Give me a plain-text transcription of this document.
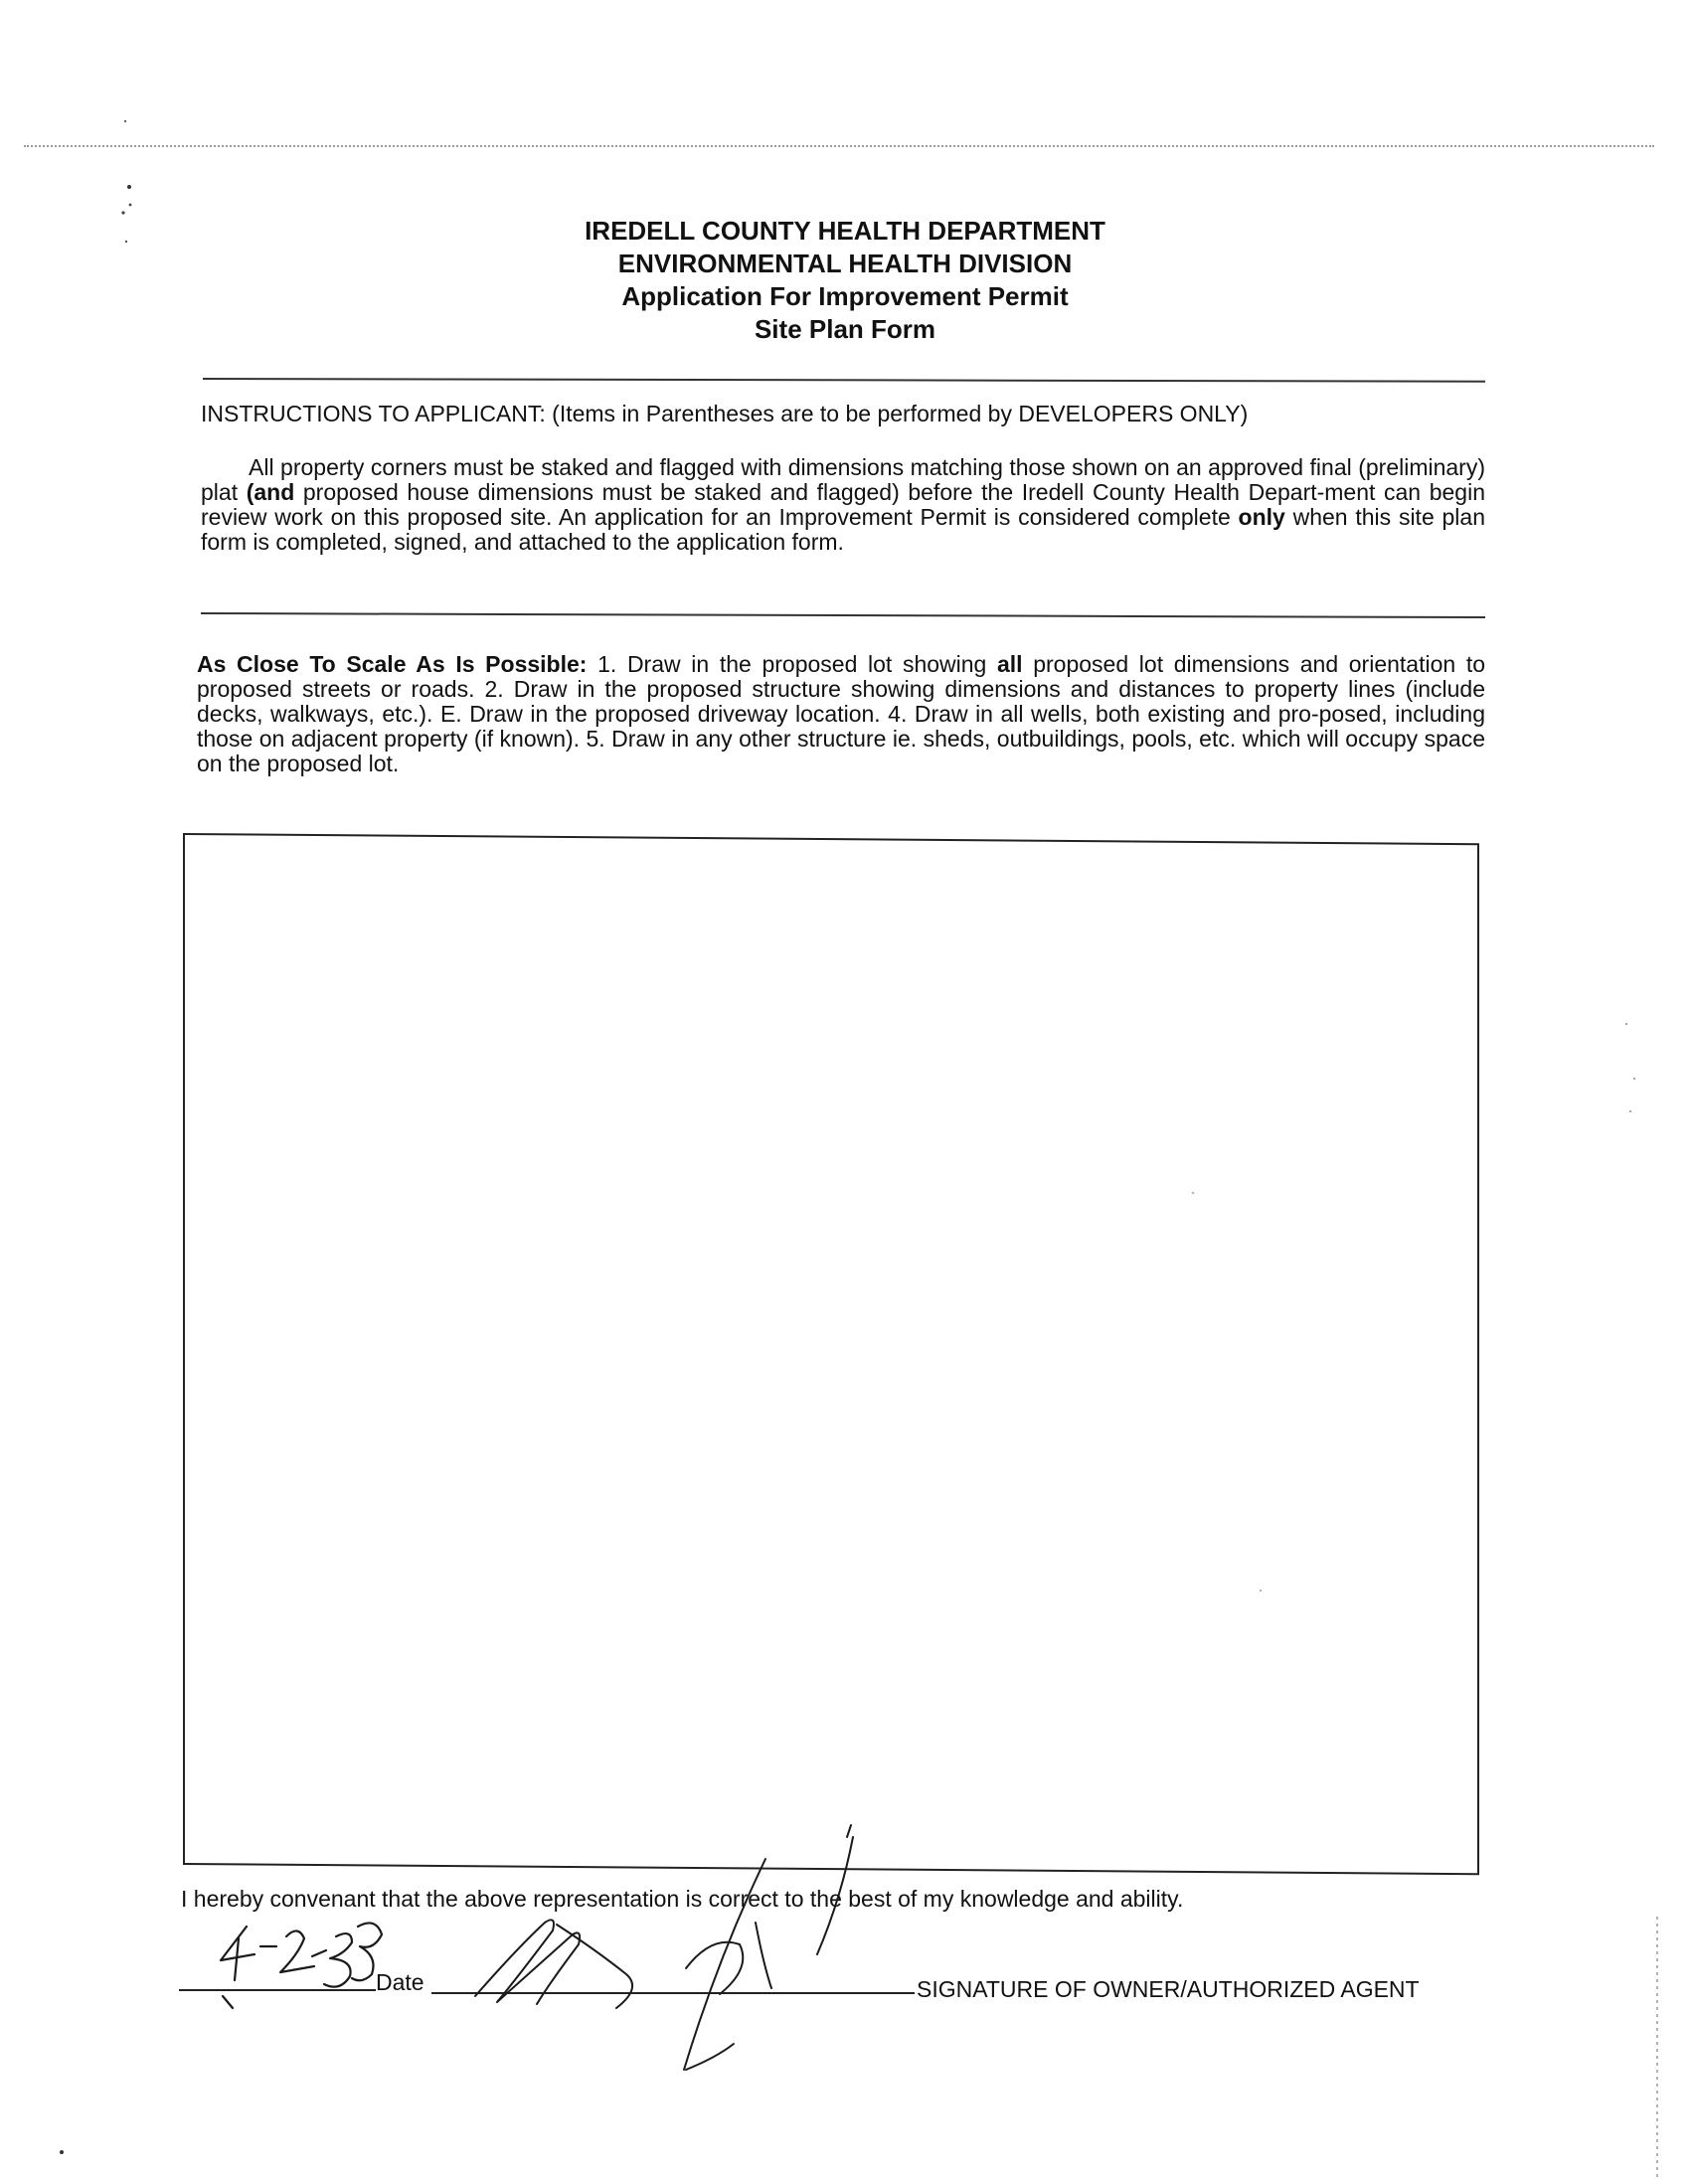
IREDELL COUNTY HEALTH DEPARTMENT
ENVIRONMENTAL HEALTH DIVISION
Application For Improvement Permit
Site Plan Form
INSTRUCTIONS TO APPLICANT: (Items in Parentheses are to be performed by DEVELOPERS ONLY)
All property corners must be staked and flagged with dimensions matching those shown on an approved final (preliminary) plat (and proposed house dimensions must be staked and flagged) before the Iredell County Health Depart-ment can begin review work on this proposed site. An application for an Improvement Permit is considered complete only when this site plan form is completed, signed, and attached to the application form.
As Close To Scale As Is Possible: 1. Draw in the proposed lot showing all proposed lot dimensions and orientation to proposed streets or roads. 2. Draw in the proposed structure showing dimensions and distances to property lines (include decks, walkways, etc.). E. Draw in the proposed driveway location. 4. Draw in all wells, both existing and pro-posed, including those on adjacent property (if known). 5. Draw in any other structure ie. sheds, outbuildings, pools, etc. which will occupy space on the proposed lot.
I hereby convenant that the above representation is correct to the best of my knowledge and ability.
Date	SIGNATURE OF OWNER/AUTHORIZED AGENT
